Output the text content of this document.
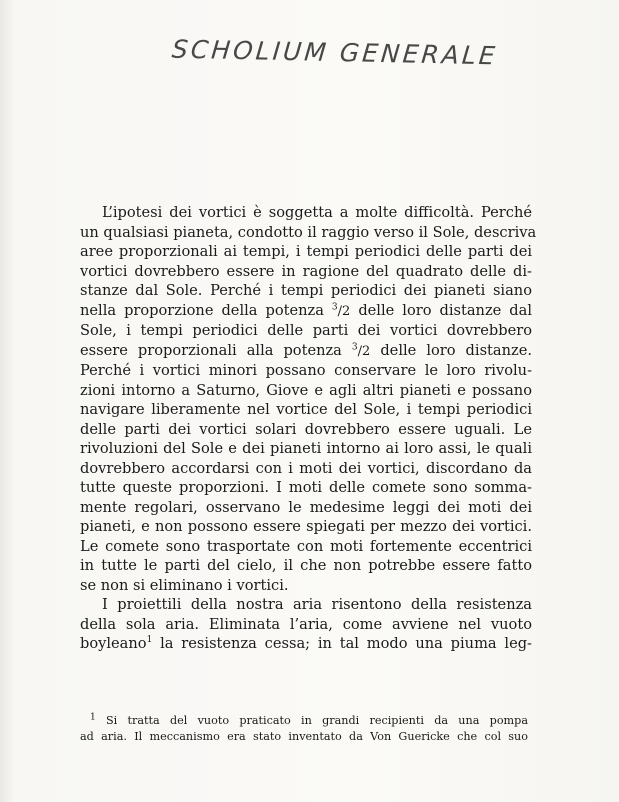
SCHOLIUM GENERALE
L’ipotesi dei vortici è soggetta a molte difficoltà. Perché
un qualsiasi pianeta, condotto il raggio verso il Sole, descriva
aree proporzionali ai tempi, i tempi periodici delle parti dei
vortici dovrebbero essere in ragione del quadrato delle di-
stanze dal Sole. Perché i tempi periodici dei pianeti siano
nella proporzione della potenza $^3$/2 delle loro distanze dal
Sole, i tempi periodici delle parti dei vortici dovrebbero
essere proporzionali alla potenza $^3$/2 delle loro distanze.
Perché i vortici minori possano conservare le loro rivolu-
zioni intorno a Saturno, Giove e agli altri pianeti e possano
navigare liberamente nel vortice del Sole, i tempi periodici
delle parti dei vortici solari dovrebbero essere uguali. Le
rivoluzioni del Sole e dei pianeti intorno ai loro assi, le quali
dovrebbero accordarsi con i moti dei vortici, discordano da
tutte queste proporzioni. I moti delle comete sono somma-
mente regolari, osservano le medesime leggi dei moti dei
pianeti, e non possono essere spiegati per mezzo dei vortici.
Le comete sono trasportate con moti fortemente eccentrici
in tutte le parti del cielo, il che non potrebbe essere fatto
se non si eliminano i vortici.
I proiettili della nostra aria risentono della resistenza
della sola aria. Eliminata l’aria, come avviene nel vuoto
boyleano$^1$ la resistenza cessa; in tal modo una piuma leg-
$^1$ Si tratta del vuoto praticato in grandi recipienti da una pompa
ad aria. Il meccanismo era stato inventato da Von Guericke che col suo
